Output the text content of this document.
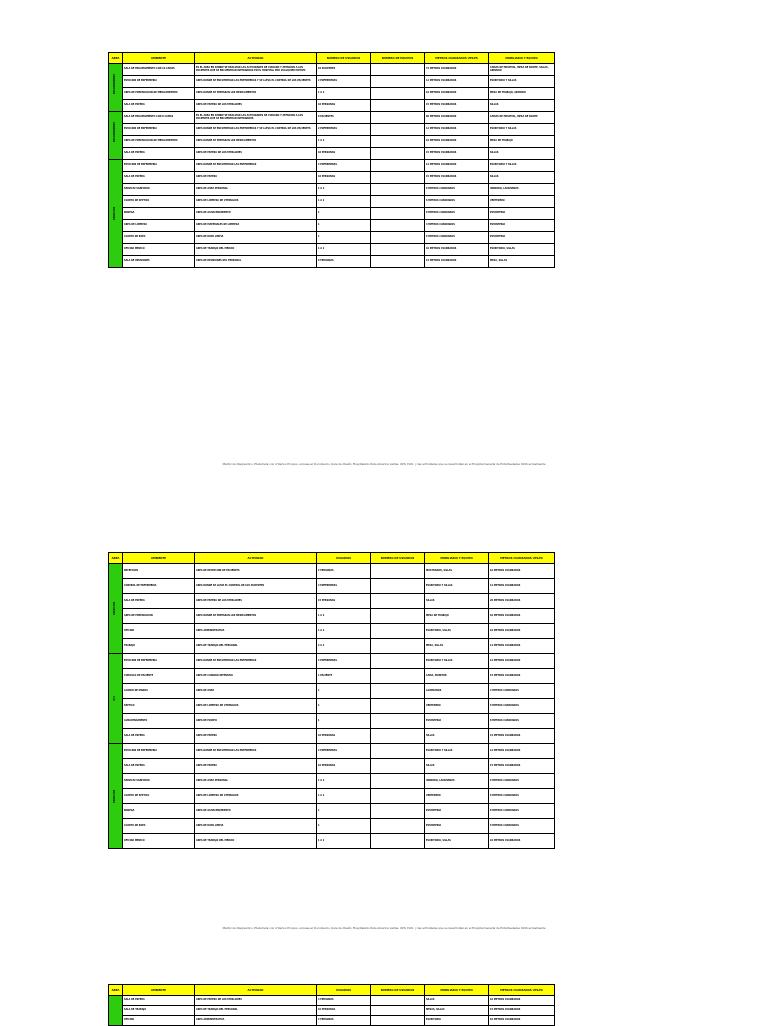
AREA	AMBIENTE	ACTIVIDAD	NUMERO DE USUARIOS	NUMERO DE EQUIPOS	METROS CUADRADOS UTILES	MOBILIARIO Y EQUIPO

ENCAMAMIENTO	SALA DE ENCAMAMIENTO CON 10 CAMAS	ES EL AREA EN DONDE SE REALIZAN LAS ACTIVIDADES DE CUIDADO Y ATENCION A LOS PACIENTES QUE SE ENCUENTRAN INTERNADOS EN EL HOSPITAL POR CUALQUIER MOTIVO	10 PACIENTES		72 METROS CUADRADOS	CAMAS DE HOSPITAL, MESA DE NOCHE, SILLAS, ARMARIO
	ESTACION DE ENFERMERIA	AREA DONDE SE ENCUENTRAN LAS ENFERMERAS Y SE LLEVA EL CONTROL DE LOS PACIENTES	2 ENFERMERAS		12 METROS CUADRADOS	ESCRITORIO Y SILLAS
	AREA DE PREPARACION DE MEDICAMENTOS	AREA DONDE SE PREPARAN LOS MEDICAMENTOS	1 A 2		10 METROS CUADRADOS	MESA DE TRABAJO, ARMARIO
	SALA DE ESPERA	AREA DE ESPERA DE LOS FAMILIARES	10 PERSONAS		15 METROS CUADRADOS	SILLAS

ENCAMAMIENTO	SALA DE ENCAMAMIENTO CON 8 CAMAS	ES EL AREA EN DONDE SE REALIZAN LAS ACTIVIDADES DE CUIDADO Y ATENCION A LOS PACIENTES QUE SE ENCUENTRAN INTERNADOS	8 PACIENTES		60 METROS CUADRADOS	CAMAS DE HOSPITAL, MESA DE NOCHE
	ESTACION DE ENFERMERIA	AREA DONDE SE ENCUENTRAN LAS ENFERMERAS Y SE LLEVA EL CONTROL DE LOS PACIENTES	2 ENFERMERAS		12 METROS CUADRADOS	ESCRITORIO Y SILLAS
	AREA DE PREPARACION DE MEDICAMENTOS	AREA DONDE SE PREPARAN LOS MEDICAMENTOS	1 A 2		10 METROS CUADRADOS	MESA DE TRABAJO
	SALA DE ESPERA	AREA DE ESPERA DE LOS FAMILIARES	10 PERSONAS		15 METROS CUADRADOS	SILLAS

SERVICIOS	ESTACION DE ENFERMERIA	AREA DONDE SE ENCUENTRAN LAS ENFERMERAS	2 ENFERMERAS		12 METROS CUADRADOS	ESCRITORIO Y SILLAS
	SALA DE ESPERA	AREA DE ESPERA	10 PERSONAS		15 METROS CUADRADOS	SILLAS
	SERVICIO SANITARIO	AREA DE ASEO PERSONAL	1 A 2		6 METROS CUADRADOS	INODORO, LAVAMANOS
	CUARTO DE SEPTICO	AREA DE LIMPIEZA DE UTENSILIOS	1 A 2		6 METROS CUADRADOS	VERTEDERO
	BODEGA	AREA DE ALMACENAMIENTO	1		8 METROS CUADRADOS	ESTANTERIA
	AREA DE LIMPIEZA	AREA DE MATERIALES DE LIMPIEZA	1		4 METROS CUADRADOS	ESTANTERIA
	CUARTO DE ROPA	AREA DE ROPA LIMPIA	1		6 METROS CUADRADOS	ESTANTERIA
	OFICINA MEDICO	AREA DE TRABAJO DEL MEDICO	1 A 2		10 METROS CUADRADOS	ESCRITORIO, SILLAS
	SALA DE REUNIONES	AREA DE REUNIONES DEL PERSONAL	8 PERSONAS		15 METROS CUADRADOS	MESA, SILLAS
Matriz de Diagnostico: Elaborada con criterios Propios, en base al Documento, Guia de Diseño Hospitalario Para America Latina, OPS 1991, y las actividades que se desarrollan en el Hospital General de Enfermedades IGSS actualmente
AREA	AMBIENTE	ACTIVIDAD	USUARIOS	NUMERO DE USUARIOS	MOBILIARIO Y EQUIPO	METROS CUADRADOS UTILES

SERVICIOS	RECEPCION	AREA DE RECEPCION DE PACIENTES	2 PERSONAS		MOSTRADOR, SILLAS	10 METROS CUADRADOS
	CONTROL DE ENFERMERIA	AREA DONDE SE LLEVA EL CONTROL DE LOS PACIENTES	2 ENFERMERAS		ESCRITORIO Y SILLAS	12 METROS CUADRADOS
	SALA DE ESPERA	AREA DE ESPERA DE LOS FAMILIARES	15 PERSONAS		SILLAS	20 METROS CUADRADOS
	AREA DE PREPARACION	AREA DONDE SE PREPARAN LOS MEDICAMENTOS	1 A 2		MESA DE TRABAJO	10 METROS CUADRADOS
	OFICINA	AREA ADMINISTRATIVA	1 A 2		ESCRITORIO, SILLAS	10 METROS CUADRADOS
	TRABAJO	AREA DE TRABAJO DEL PERSONAL	2 A 4		MESA, SILLAS	12 METROS CUADRADOS

UCI	ESTACION DE ENFERMERIA	AREA DONDE SE ENCUENTRAN LAS ENFERMERAS	2 ENFERMERAS		ESCRITORIO Y SILLAS	12 METROS CUADRADOS
	CUBICULO DE PACIENTE	AREA DE CUIDADO INTENSIVO	1 PACIENTE		CAMA, MONITOR	15 METROS CUADRADOS
	LAVADO DE MANOS	AREA DE ASEO	1		LAVAMANOS	4 METROS CUADRADOS
	SEPTICO	AREA DE LIMPIEZA DE UTENSILIOS	1		VERTEDERO	6 METROS CUADRADOS
	ALMACENAMIENTO	AREA DE EQUIPO	1		ESTANTERIA	8 METROS CUADRADOS
	SALA DE ESPERA	AREA DE ESPERA	10 PERSONAS		SILLAS	15 METROS CUADRADOS

SERVICIOS	ESTACION DE ENFERMERIA	AREA DONDE SE ENCUENTRAN LAS ENFERMERAS	2 ENFERMERAS		ESCRITORIO Y SILLAS	12 METROS CUADRADOS
	SALA DE ESPERA	AREA DE ESPERA	10 PERSONAS		SILLAS	15 METROS CUADRADOS
	SERVICIO SANITARIO	AREA DE ASEO PERSONAL	1 A 2		INODORO, LAVAMANOS	6 METROS CUADRADOS
	CUARTO DE SEPTICO	AREA DE LIMPIEZA DE UTENSILIOS	1 A 2		VERTEDERO	6 METROS CUADRADOS
	BODEGA	AREA DE ALMACENAMIENTO	1		ESTANTERIA	8 METROS CUADRADOS
	CUARTO DE ROPA	AREA DE ROPA LIMPIA	1		ESTANTERIA	6 METROS CUADRADOS
	OFICINA MEDICO	AREA DE TRABAJO DEL MEDICO	1 A 2		ESCRITORIO, SILLAS	10 METROS CUADRADOS
Matriz de Diagnostico: Elaborada con criterios Propios, en base al Documento, Guia de Diseño Hospitalario Para America Latina, OPS 1991, y las actividades que se desarrollan en el Hospital General de Enfermedades IGSS actualmente
AREA	AMBIENTE	ACTIVIDAD	USUARIOS	NUMERO DE USUARIOS	MOBILIARIO Y EQUIPO	METROS CUADRADOS UTILES
	SALA DE ESPERA	AREA DE ESPERA DE LOS FAMILIARES	4 PERSONAS		SILLAS	10 METROS CUADRADOS
	SALA DE TRABAJO	AREA DE TRABAJO DEL PERSONAL	10 PERSONAS		MESAS, SILLAS	15 METROS CUADRADOS
	OFICINA	AREA ADMINISTRATIVA	2 PERSONAS		ESCRITORIO	10 METROS CUADRADOS
